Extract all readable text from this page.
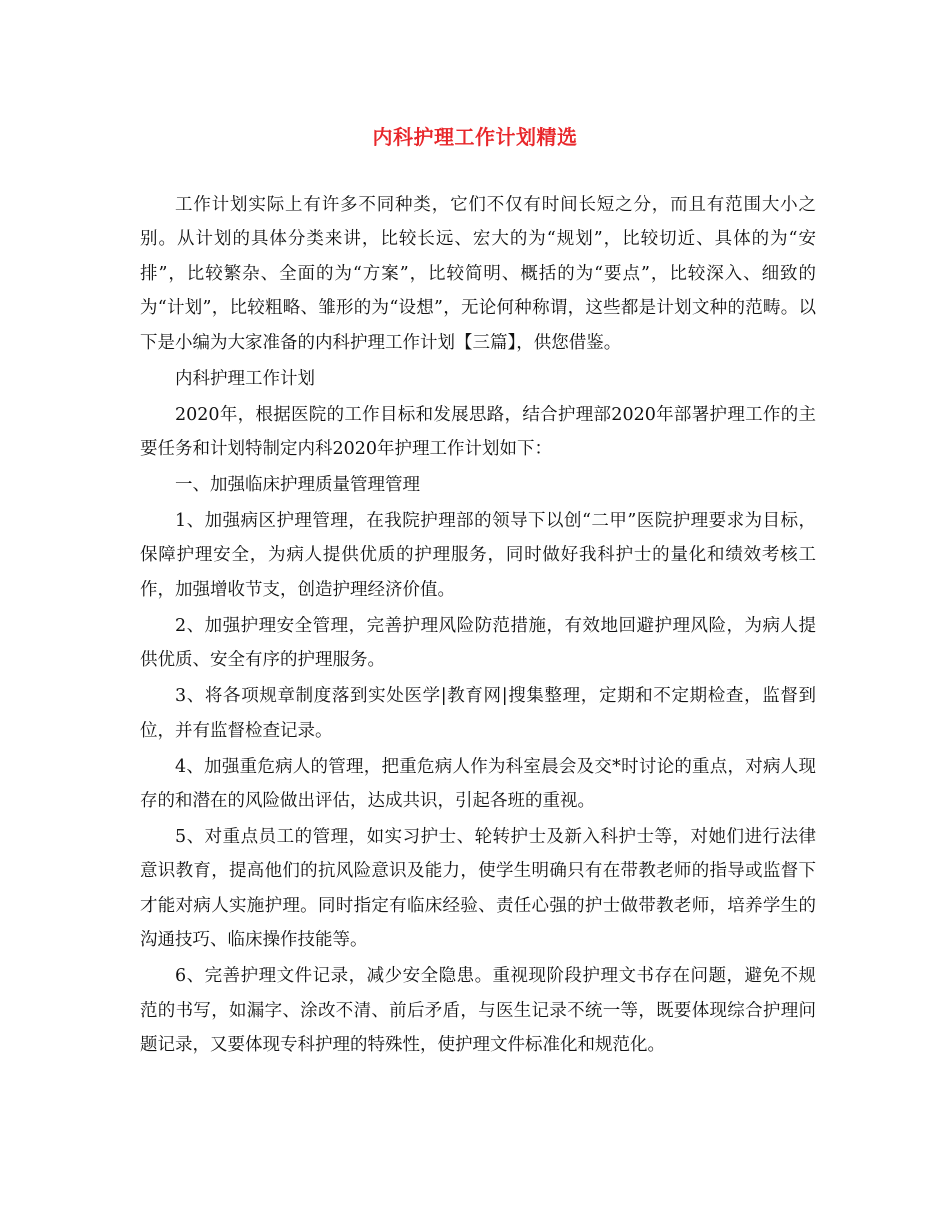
内科护理工作计划精选

工作计划实际上有许多不同种类，它们不仅有时间长短之分，而且有范围大小之别。从计划的具体分类来讲，比较长远、宏大的为“规划”，比较切近、具体的为“安排”，比较繁杂、全面的为“方案”，比较简明、概括的为“要点”，比较深入、细致的为“计划”，比较粗略、雏形的为“设想”，无论何种称谓，这些都是计划文种的范畴。以下是小编为大家准备的内科护理工作计划【三篇】，供您借鉴。

内科护理工作计划

2020年，根据医院的工作目标和发展思路，结合护理部2020年部署护理工作的主要任务和计划特制定内科2020年护理工作计划如下：

一、加强临床护理质量管理管理

1、加强病区护理管理，在我院护理部的领导下以创“二甲”医院护理要求为目标，保障护理安全，为病人提供优质的护理服务，同时做好我科护士的量化和绩效考核工作，加强增收节支，创造护理经济价值。

2、加强护理安全管理，完善护理风险防范措施，有效地回避护理风险，为病人提供优质、安全有序的护理服务。

3、将各项规章制度落到实处医学|教育网|搜集整理，定期和不定期检查，监督到位，并有监督检查记录。

4、加强重危病人的管理，把重危病人作为科室晨会及交*时讨论的重点，对病人现存的和潜在的风险做出评估，达成共识，引起各班的重视。

5、对重点员工的管理，如实习护士、轮转护士及新入科护士等，对她们进行法律意识教育，提高他们的抗风险意识及能力，使学生明确只有在带教老师的指导或监督下才能对病人实施护理。同时指定有临床经验、责任心强的护士做带教老师，培养学生的沟通技巧、临床操作技能等。

6、完善护理文件记录，减少安全隐患。重视现阶段护理文书存在问题，避免不规范的书写，如漏字、涂改不清、前后矛盾，与医生记录不统一等，既要体现综合护理问题记录，又要体现专科护理的特殊性，使护理文件标准化和规范化。
